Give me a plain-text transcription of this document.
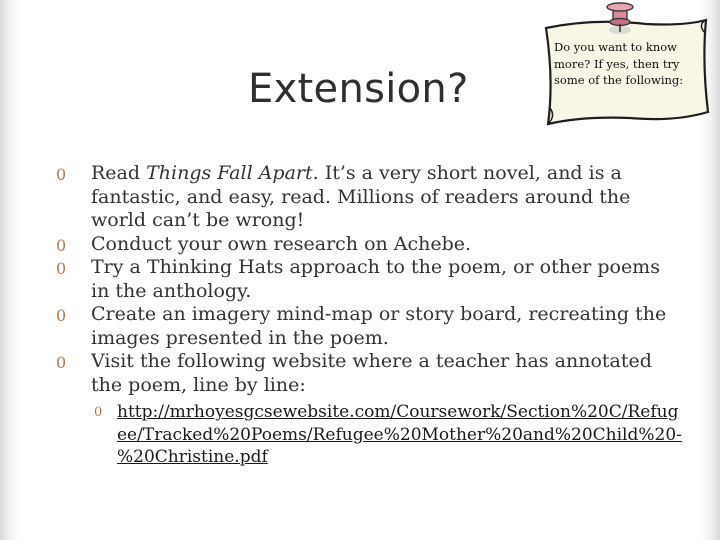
Extension?

Do you want to know more? If yes, then try some of the following:

0 Read Things Fall Apart. It’s a very short novel, and is a fantastic, and easy, read. Millions of readers around the world can’t be wrong!
0 Conduct your own research on Achebe.
0 Try a Thinking Hats approach to the poem, or other poems in the anthology.
0 Create an imagery mind-map or story board, recreating the images presented in the poem.
0 Visit the following website where a teacher has annotated the poem, line by line:
0 http://mrhoyesgcsewebsite.com/Coursework/Section%20C/Refugee/Tracked%20Poems/Refugee%20Mother%20and%20Child%20-%20Christine.pdf
